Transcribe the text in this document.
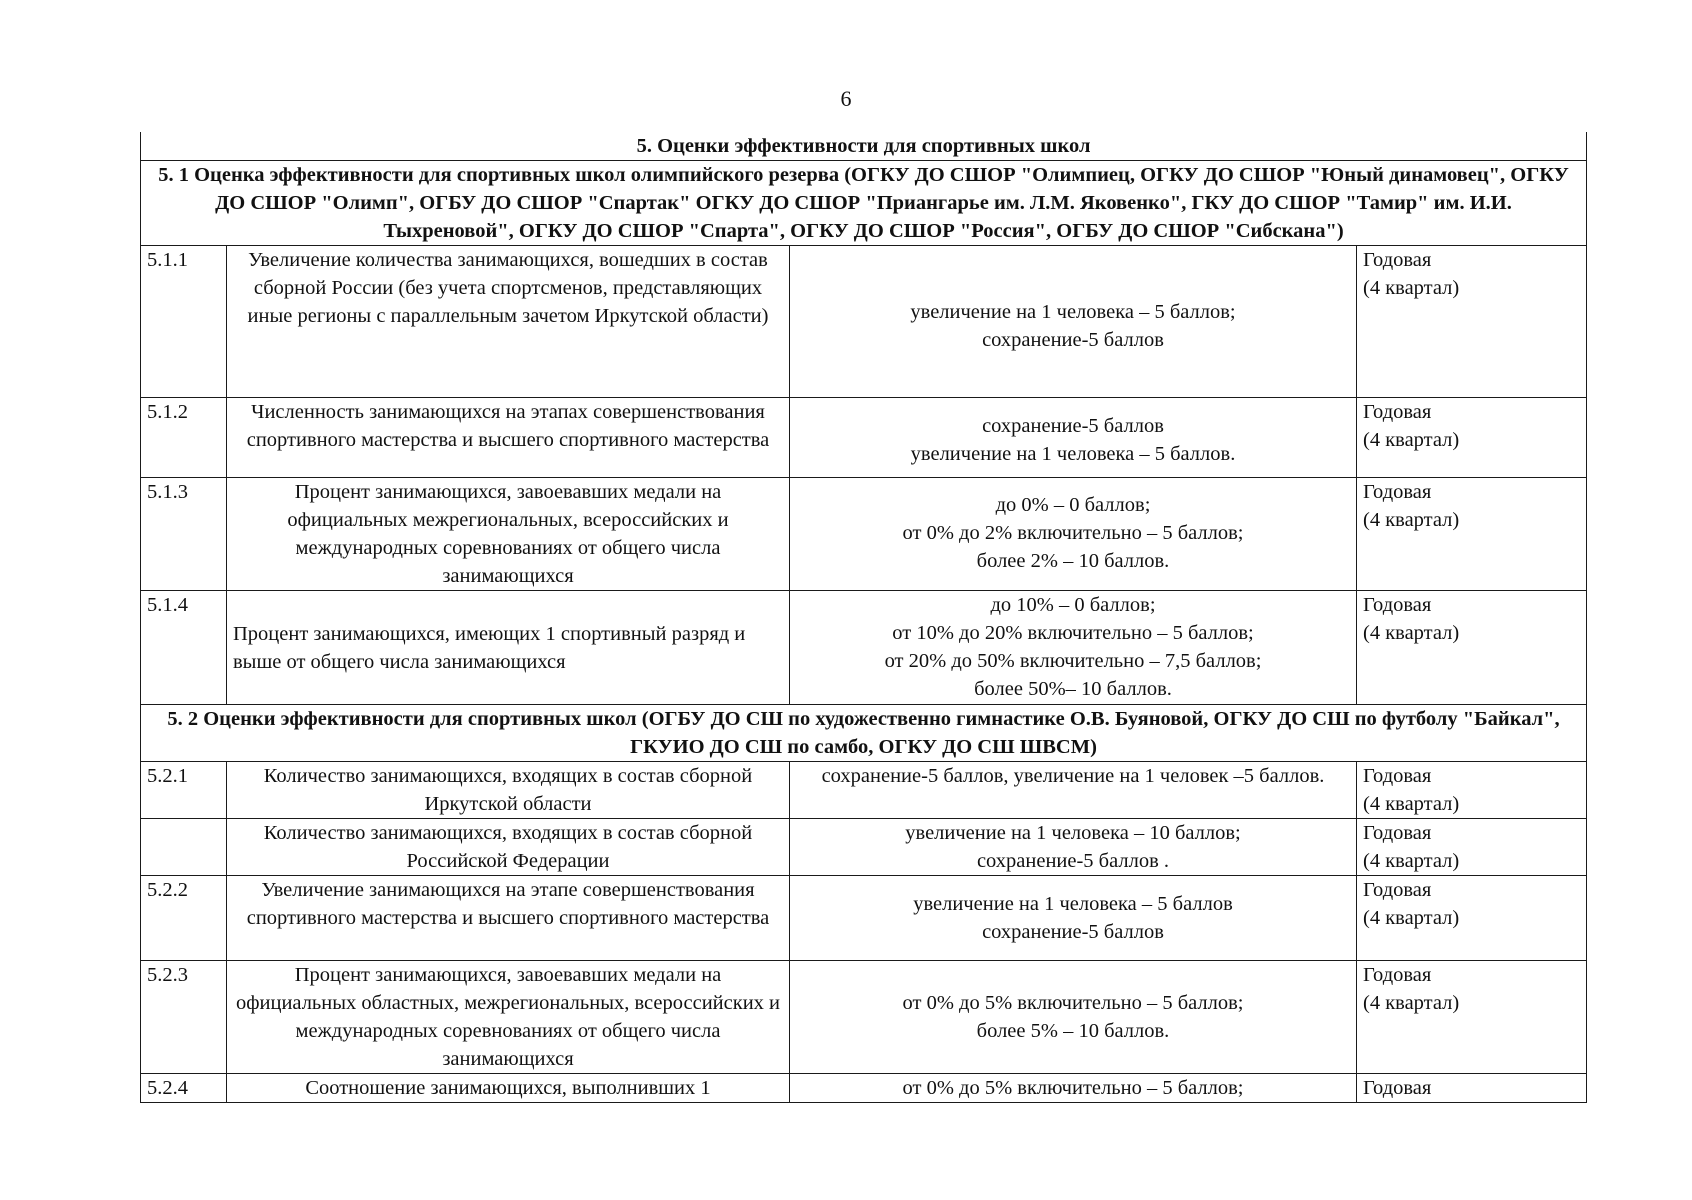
6
5. Оценки эффективности для спортивных школ			
5. 1 Оценка эффективности для спортивных школ олимпийского резерва (ОГКУ ДО СШОР "Олимпиец, ОГКУ ДО СШОР "Юный динамовец", ОГКУ ДО СШОР "Олимп", ОГБУ ДО СШОР "Спартак" ОГКУ ДО СШОР "Приангарье им. Л.М. Яковенко", ГКУ ДО СШОР "Тамир" им. И.И. Тыхреновой", ОГКУ ДО СШОР "Спарта", ОГКУ ДО СШОР "Россия", ОГБУ ДО СШОР "Сибскана")			
5.1.1	Увеличение количества занимающихся, вошедших в состав сборной России (без учета спортсменов, представляющих иные регионы с параллельным зачетом Иркутской области)	увеличение на 1 человека – 5 баллов;
сохранение-5 баллов	Годовая
(4 квартал)

5.1.2	Численность занимающихся на этапах совершенствования спортивного мастерства и высшего спортивного мастерства	сохранение-5 баллов
увеличение на 1 человека – 5 баллов.	Годовая
(4 квартал)

5.1.3	Процент занимающихся, завоевавших медали на официальных межрегиональных, всероссийских и международных соревнованиях от общего числа занимающихся	до 0% – 0 баллов;
от 0% до 2% включительно – 5 баллов;
более 2% – 10 баллов.	Годовая
(4 квартал)

5.1.4	Процент занимающихся, имеющих 1 спортивный разряд и выше от общего числа занимающихся	до 10% – 0 баллов;
от 10% до 20% включительно – 5 баллов;
от 20% до 50% включительно – 7,5 баллов;
более 50%– 10 баллов.	Годовая
(4 квартал)

5. 2 Оценки эффективности для спортивных школ (ОГБУ ДО СШ по художественно гимнастике О.В. Буяновой, ОГКУ ДО СШ по футболу "Байкал", ГКУИО ДО СШ по самбо, ОГКУ ДО СШ ШВСМ)			
5.2.1	Количество занимающихся, входящих в состав сборной Иркутской области	сохранение-5 баллов, увеличение на 1 человек –5 баллов.	Годовая
(4 квартал)

	Количество занимающихся, входящих в состав сборной Российской Федерации	увеличение на 1 человека – 10 баллов;
сохранение-5 баллов .	Годовая
(4 квартал)

5.2.2	Увеличение занимающихся на этапе совершенствования спортивного мастерства и высшего спортивного мастерства	увеличение на 1 человека – 5 баллов
сохранение-5 баллов	Годовая
(4 квартал)

5.2.3	Процент занимающихся, завоевавших медали на официальных областных, межрегиональных, всероссийских и международных соревнованиях от общего числа занимающихся	от 0% до 5% включительно – 5 баллов;
более 5% – 10 баллов.	Годовая
(4 квартал)

5.2.4	Соотношение занимающихся, выполнивших 1	от 0% до 5% включительно – 5 баллов;	Годовая
